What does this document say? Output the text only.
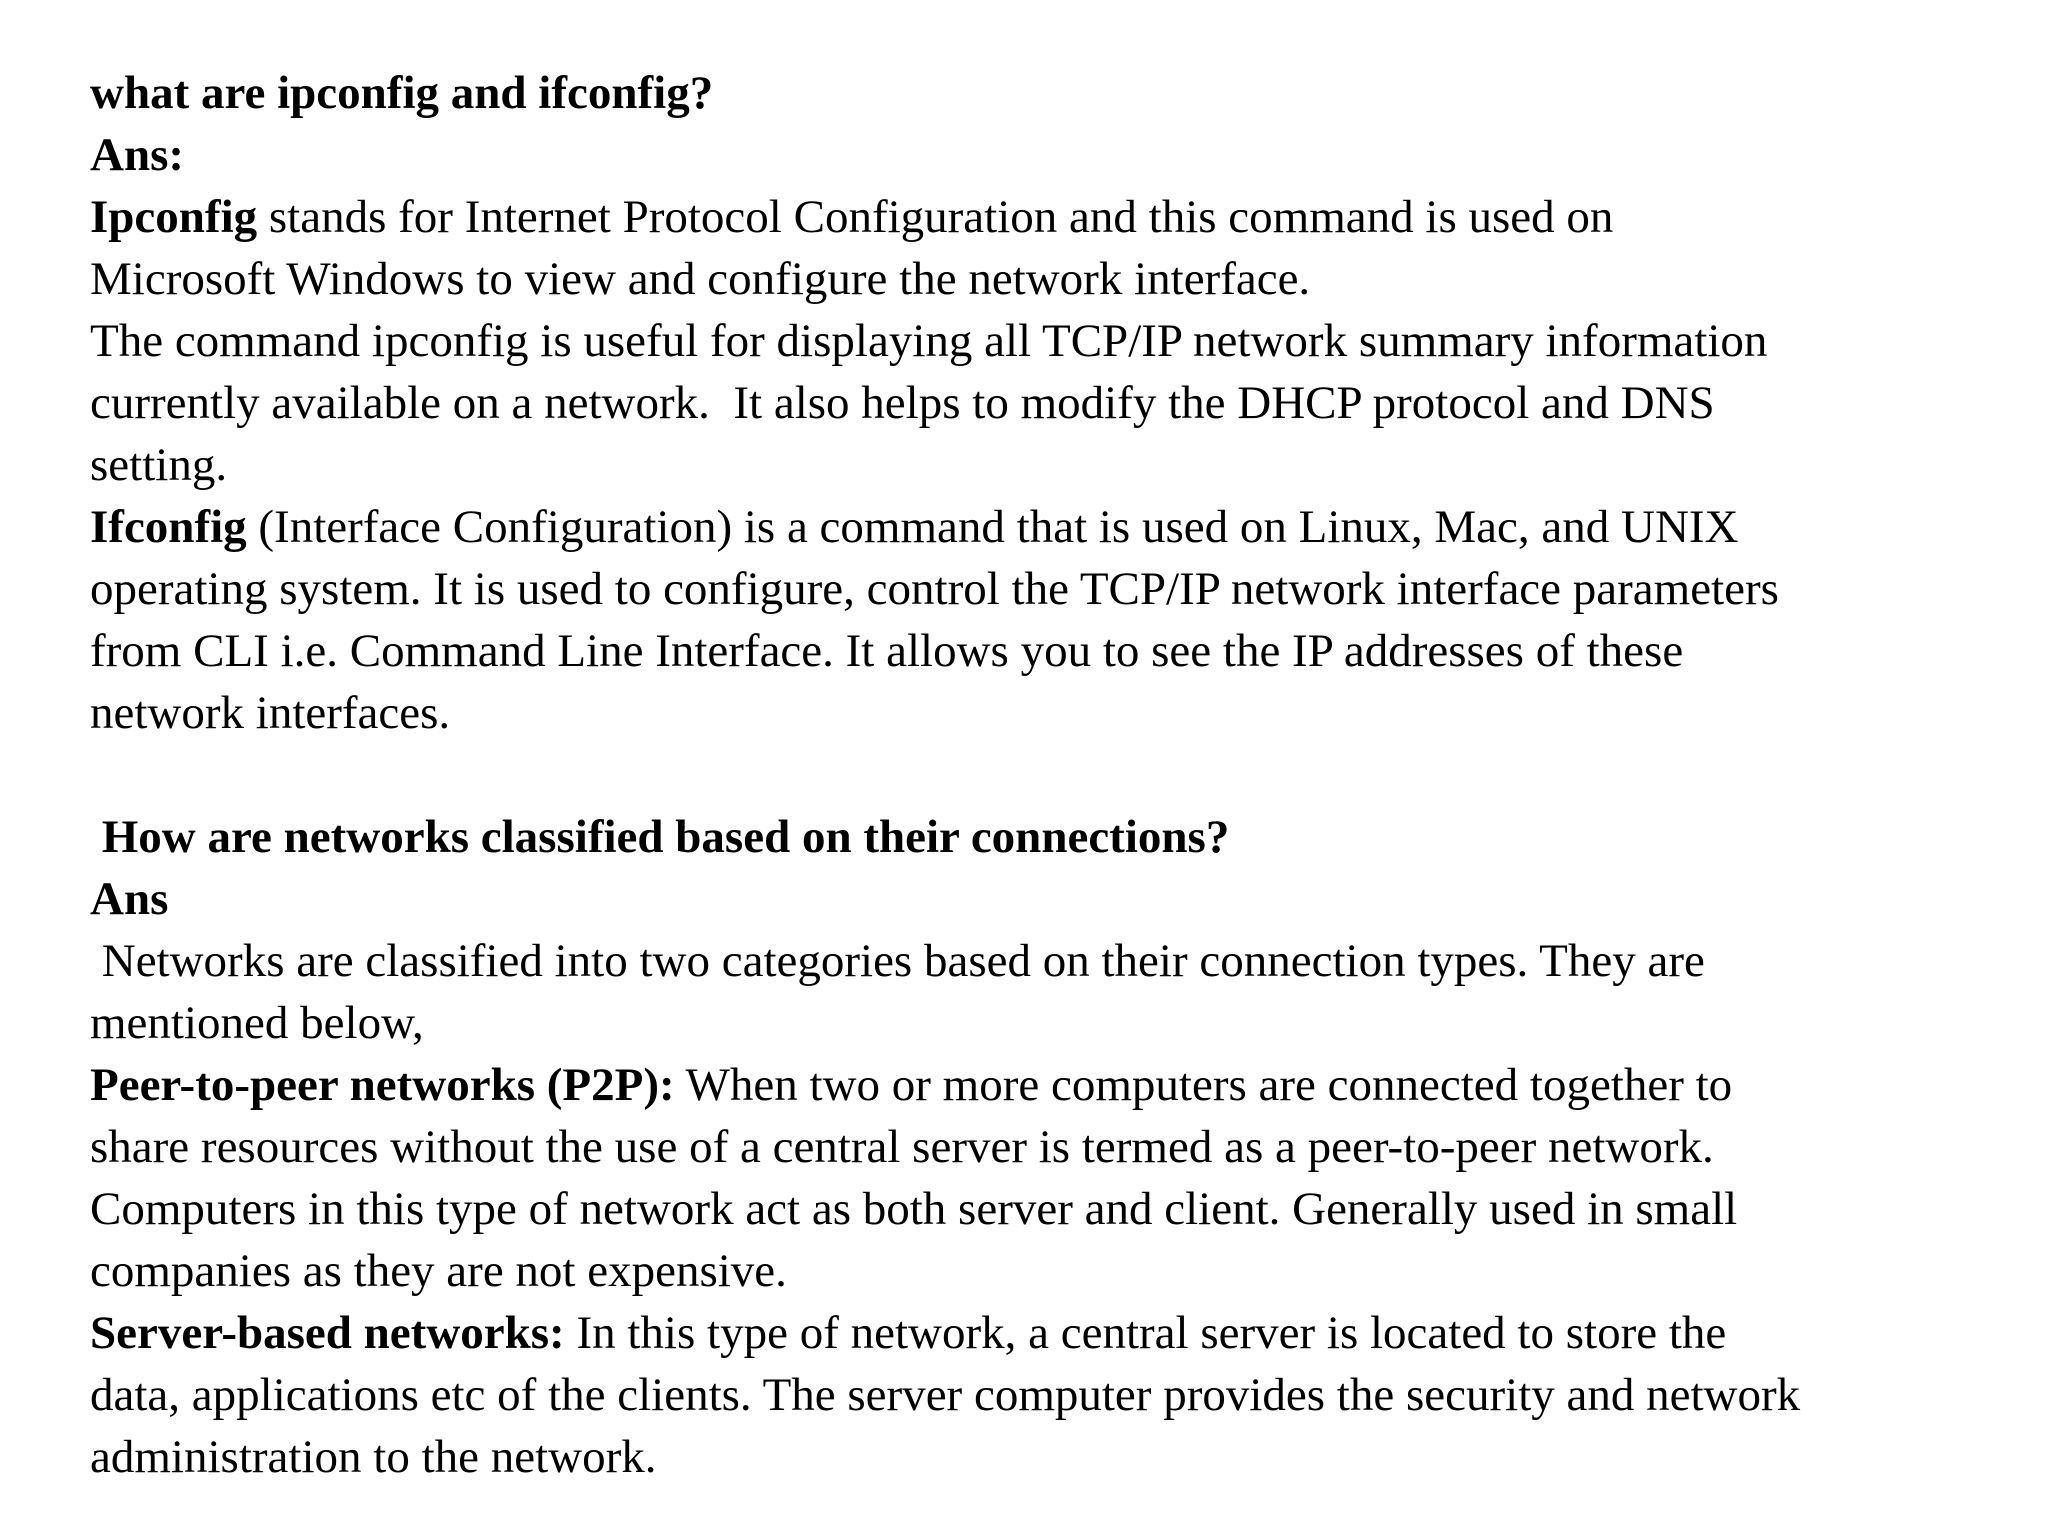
what are ipconfig and ifconfig?
Ans:
Ipconfig stands for Internet Protocol Configuration and this command is used on
Microsoft Windows to view and configure the network interface.
The command ipconfig is useful for displaying all TCP/IP network summary information
currently available on a network.  It also helps to modify the DHCP protocol and DNS
setting.
Ifconfig (Interface Configuration) is a command that is used on Linux, Mac, and UNIX
operating system. It is used to configure, control the TCP/IP network interface parameters
from CLI i.e. Command Line Interface. It allows you to see the IP addresses of these
network interfaces.
How are networks classified based on their connections?
Ans
Networks are classified into two categories based on their connection types. They are
mentioned below,
Peer-to-peer networks (P2P): When two or more computers are connected together to
share resources without the use of a central server is termed as a peer-to-peer network.
Computers in this type of network act as both server and client. Generally used in small
companies as they are not expensive.
Server-based networks: In this type of network, a central server is located to store the
data, applications etc of the clients. The server computer provides the security and network
administration to the network.
